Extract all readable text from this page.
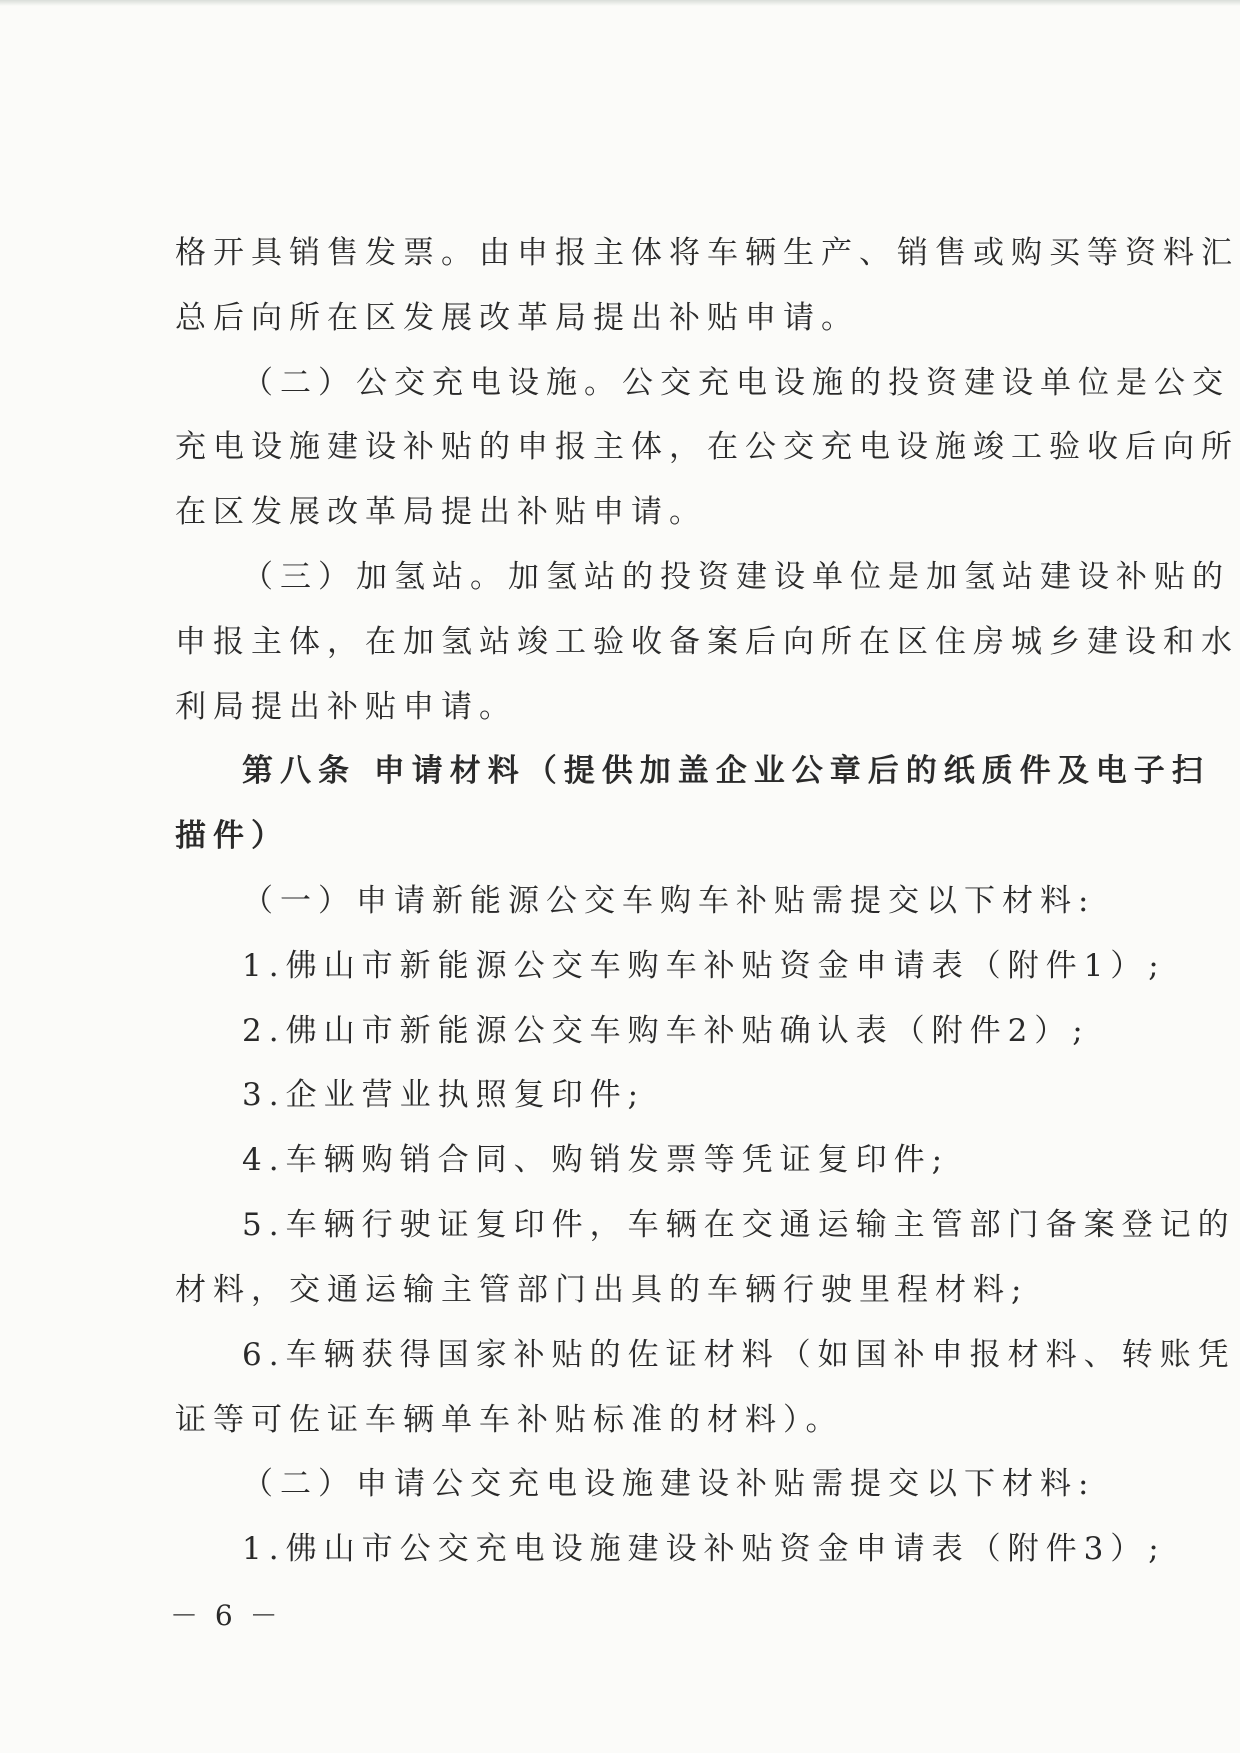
格开具销售发票。由申报主体将车辆生产、销售或购买等资料汇
总后向所在区发展改革局提出补贴申请。
（二）公交充电设施。公交充电设施的投资建设单位是公交
充电设施建设补贴的申报主体，在公交充电设施竣工验收后向所
在区发展改革局提出补贴申请。
（三）加氢站。加氢站的投资建设单位是加氢站建设补贴的
申报主体，在加氢站竣工验收备案后向所在区住房城乡建设和水
利局提出补贴申请。
第八条 申请材料（提供加盖企业公章后的纸质件及电子扫
描件）
（一）申请新能源公交车购车补贴需提交以下材料:
1.佛山市新能源公交车购车补贴资金申请表（附件1）;
2.佛山市新能源公交车购车补贴确认表（附件2）;
3.企业营业执照复印件;
4.车辆购销合同、购销发票等凭证复印件;
5.车辆行驶证复印件，车辆在交通运输主管部门备案登记的
材料，交通运输主管部门出具的车辆行驶里程材料;
6.车辆获得国家补贴的佐证材料（如国补申报材料、转账凭
证等可佐证车辆单车补贴标准的材料）。
（二）申请公交充电设施建设补贴需提交以下材料:
1.佛山市公交充电设施建设补贴资金申请表（附件3）;
－ 6 －
